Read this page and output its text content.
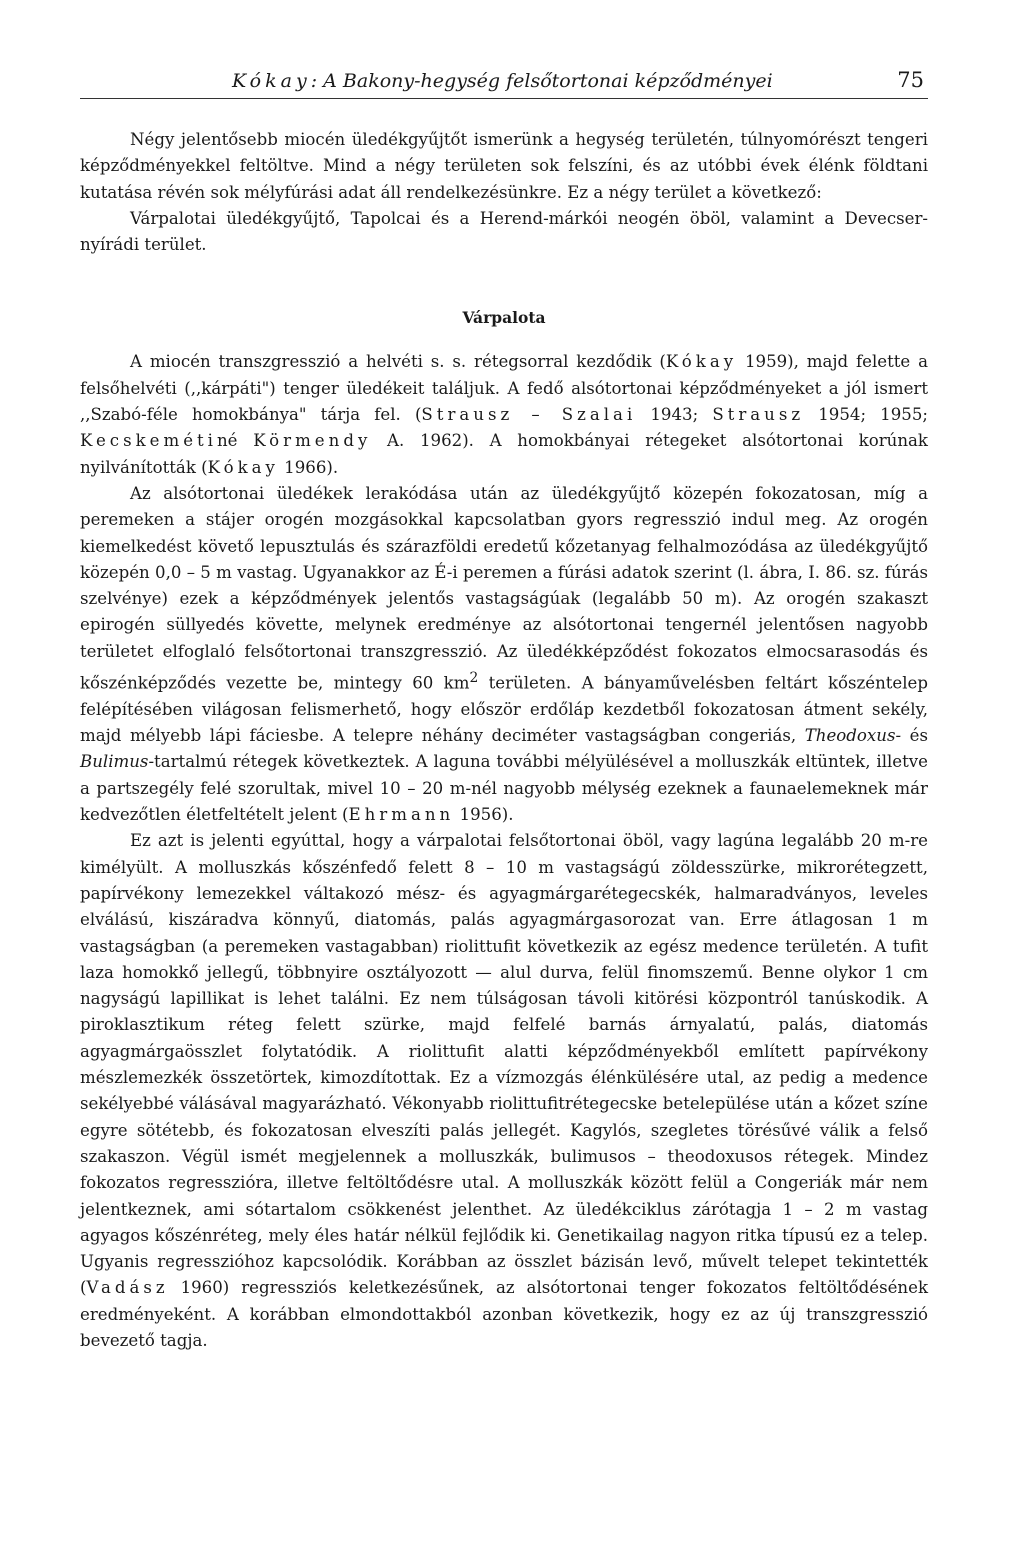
Kókay: A Bakony-hegység felsőtortonai képződményei	75

Négy jelentősebb miocén üledékgyűjtőt ismerünk a hegység területén, túlnyomórészt tengeri képződményekkel feltöltve. Mind a négy területen sok felszíni, és az utóbbi évek élénk földtani kutatása révén sok mélyfúrási adat áll rendelkezésünkre. Ez a négy terület a következő:

Várpalotai üledékgyűjtő, Tapolcai és a Herend-márkói neogén öböl, valamint a Devecser-nyírádi terület.

Várpalota

A miocén transzgresszió a helvéti s. s. rétegsorral kezdődik (Kókay 1959), majd felette a felsőhelvéti (,,kárpáti") tenger üledékeit találjuk. A fedő alsótortonai képződményeket a jól ismert ,,Szabó-féle homokbánya" tárja fel. (Strausz – Szalai 1943; Strausz 1954; 1955; Kecskemétiné Körmendy A. 1962). A homokbányai rétegeket alsótortonai korúnak nyilvánították (Kókay 1966).

Az alsótortonai üledékek lerakódása után az üledékgyűjtő közepén fokozatosan, míg a peremeken a stájer orogén mozgásokkal kapcsolatban gyors regresszió indul meg. Az orogén kiemelkedést követő lepusztulás és szárazföldi eredetű kőzetanyag felhalmozódása az üledékgyűjtő közepén 0,0 – 5 m vastag. Ugyanakkor az É-i peremen a fúrási adatok szerint (l. ábra, I. 86. sz. fúrás szelvénye) ezek a képződmények jelentős vastagságúak (legalább 50 m). Az orogén szakaszt epirogén süllyedés követte, melynek eredménye az alsótortonai tengernél jelentősen nagyobb területet elfoglaló felsőtortonai transzgresszió. Az üledékképződést fokozatos elmocsarasodás és kőszénképződés vezette be, mintegy 60 $km^2$ területen. A bányaművelésben feltárt kőszéntelep felépítésében világosan felismerhető, hogy először erdőláp kezdetből fokozatosan átment sekély, majd mélyebb lápi fáciesbe. A telepre néhány deciméter vastagságban congeriás, Theodoxus- és Bulimus-tartalmú rétegek következtek. A laguna további mélyülésével a molluszkák eltüntek, illetve a partszegély felé szorultak, mivel 10 – 20 m-nél nagyobb mélység ezeknek a faunaelemeknek már kedvezőtlen életfeltételt jelent (Ehrmann 1956).

Ez azt is jelenti egyúttal, hogy a várpalotai felsőtortonai öböl, vagy lagúna legalább 20 m-re kimélyült. A molluszkás kőszénfedő felett 8 – 10 m vastagságú zöldesszürke, mikrorétegzett, papírvékony lemezekkel váltakozó mész- és agyagmárgarétegecskék, halmaradványos, leveles elválású, kiszáradva könnyű, diatomás, palás agyagmárgasorozat van. Erre átlagosan 1 m vastagságban (a peremeken vastagabban) riolittufit következik az egész medence területén. A tufit laza homokkő jellegű, többnyire osztályozott — alul durva, felül finomszemű. Benne olykor 1 cm nagyságú lapillikat is lehet találni. Ez nem túlságosan távoli kitörési központról tanúskodik. A piroklasztikum réteg felett szürke, majd felfelé barnás árnyalatú, palás, diatomás agyagmárgaösszlet folytatódik. A riolittufit alatti képződményekből említett papírvékony mészlemezkék összetörtek, kimozdítottak. Ez a vízmozgás élénkülésére utal, az pedig a medence sekélyebbé válásával magyarázható. Vékonyabb riolittufitrétegecske betelepülése után a kőzet színe egyre sötétebb, és fokozatosan elveszíti palás jellegét. Kagylós, szegletes törésűvé válik a felső szakaszon. Végül ismét megjelennek a molluszkák, bulimusos – theodoxusos rétegek. Mindez fokozatos regresszióra, illetve feltöltődésre utal. A molluszkák között felül a Congeriák már nem jelentkeznek, ami sótartalom csökkenést jelenthet. Az üledékciklus zárótagja 1 – 2 m vastag agyagos kőszénréteg, mely éles határ nélkül fejlődik ki. Genetikailag nagyon ritka típusú ez a telep. Ugyanis regresszióhoz kapcsolódik. Korábban az összlet bázisán levő, művelt telepet tekintették (Vadász 1960) regressziós keletkezésűnek, az alsótortonai tenger fokozatos feltöltődésének eredményeként. A korábban elmondottakból azonban következik, hogy ez az új transzgresszió bevezető tagja.
